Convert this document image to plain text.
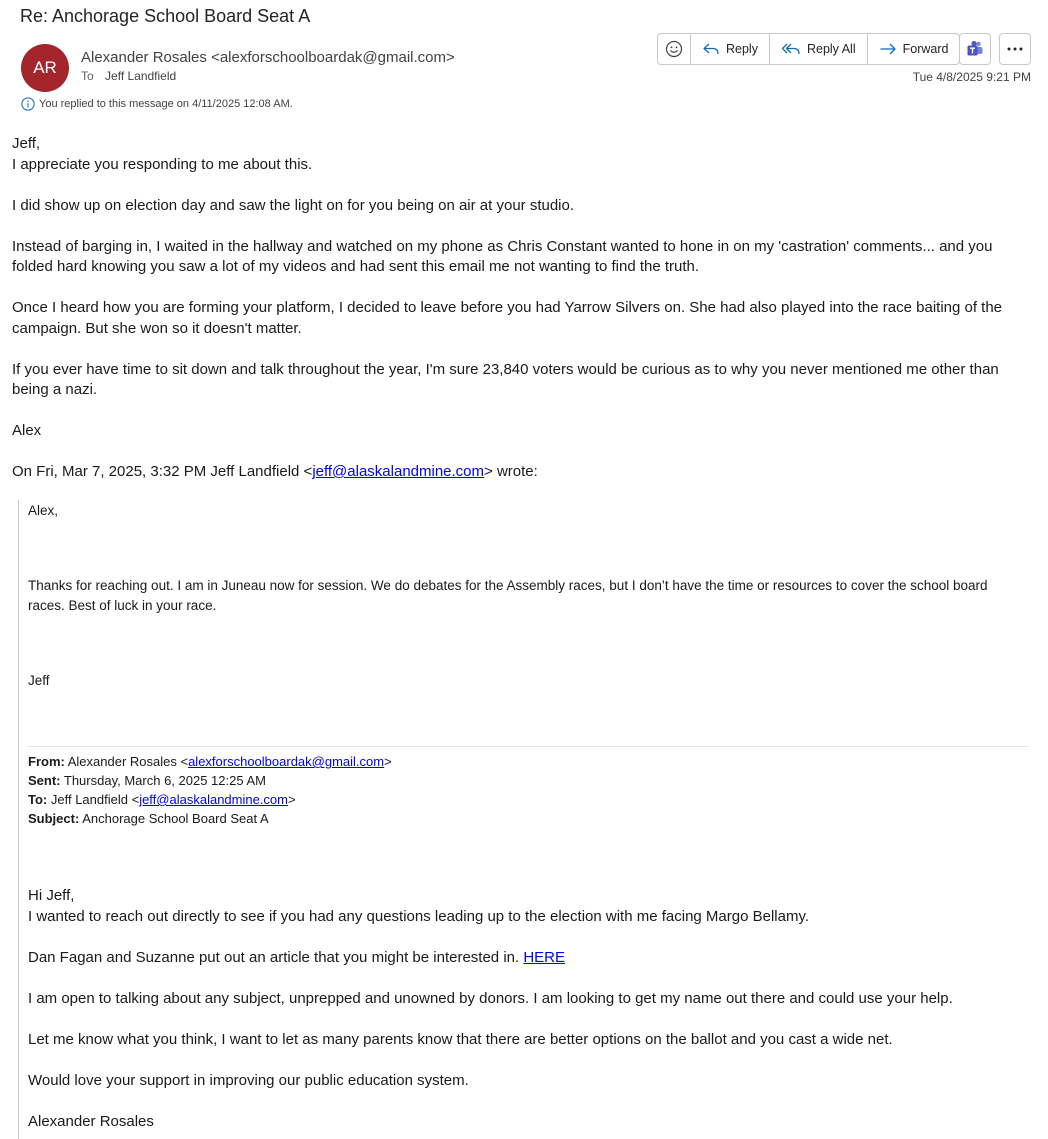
Re: Anchorage School Board Seat A
AR
Alexander Rosales <alexforschoolboardak@gmail.com>
To Jeff Landfield
You replied to this message on 4/11/2025 12:08 AM.
Reply	Reply All	Forward
Tue 4/8/2025 9:21 PM

Jeff,

I appreciate you responding to me about this.

I did show up on election day and saw the light on for you being on air at your studio.

Instead of barging in, I waited in the hallway and watched on my phone as Chris Constant wanted to hone in on my 'castration' comments... and you folded hard knowing you saw a lot of my videos and had sent this email me not wanting to find the truth.

Once I heard how you are forming your platform, I decided to leave before you had Yarrow Silvers on. She had also played into the race baiting of the campaign. But she won so it doesn't matter.

If you ever have time to sit down and talk throughout the year, I'm sure 23,840 voters would be curious as to why you never mentioned me other than being a nazi.

Alex

On Fri, Mar 7, 2025, 3:32 PM Jeff Landfield <jeff@alaskalandmine.com> wrote:

Alex,
Thanks for reaching out. I am in Juneau now for session. We do debates for the Assembly races, but I don’t have the time or resources to cover the school board races. Best of luck in your race.
Jeff
From: Alexander Rosales <alexforschoolboardak@gmail.com>
Sent: Thursday, March 6, 2025 12:25 AM
To: Jeff Landfield <jeff@alaskalandmine.com>
Subject: Anchorage School Board Seat A

Hi Jeff,

I wanted to reach out directly to see if you had any questions leading up to the election with me facing Margo Bellamy.

Dan Fagan and Suzanne put out an article that you might be interested in. HERE

I am open to talking about any subject, unprepped and unowned by donors. I am looking to get my name out there and could use your help.

Let me know what you think, I want to let as many parents know that there are better options on the ballot and you cast a wide net.

Would love your support in improving our public education system.

Alexander Rosales
